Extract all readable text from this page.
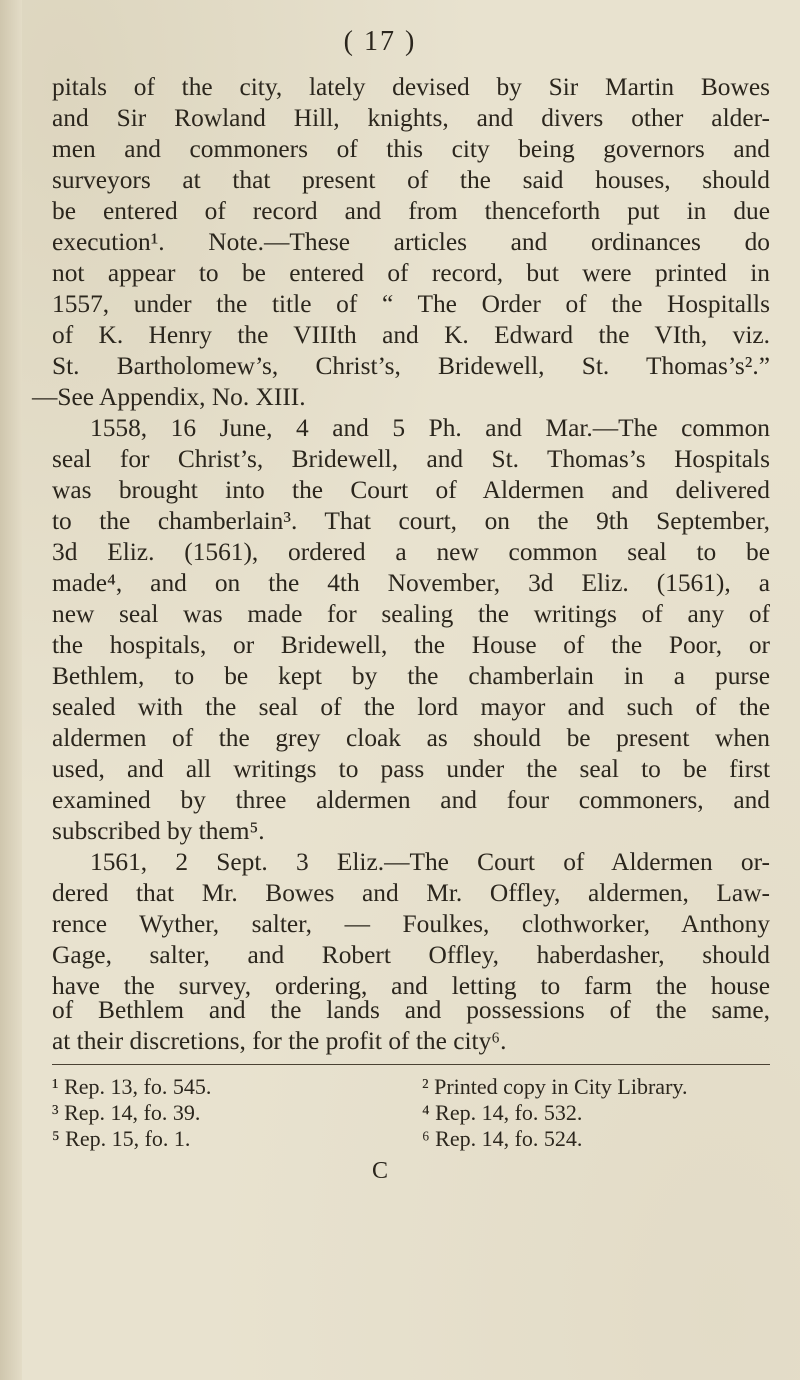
( 17 )
pitals of the city, lately devised by Sir Martin Bowes
and Sir Rowland Hill, knights, and divers other alder-
men and commoners of this city being governors and
surveyors at that present of the said houses, should
be entered of record and from thenceforth put in due
execution¹. Note.—These articles and ordinances do
not appear to be entered of record, but were printed in
1557, under the title of “ The Order of the Hospitalls
of K. Henry the VIIIth and K. Edward the VIth, viz.
St. Bartholomew’s, Christ’s, Bridewell, St. Thomas’s².”
—See Appendix, No. XIII.
1558, 16 June, 4 and 5 Ph. and Mar.—The common
seal for Christ’s, Bridewell, and St. Thomas’s Hospitals
was brought into the Court of Aldermen and delivered
to the chamberlain³. That court, on the 9th September,
3d Eliz. (1561), ordered a new common seal to be
made⁴, and on the 4th November, 3d Eliz. (1561), a
new seal was made for sealing the writings of any of
the hospitals, or Bridewell, the House of the Poor, or
Bethlem, to be kept by the chamberlain in a purse
sealed with the seal of the lord mayor and such of the
aldermen of the grey cloak as should be present when
used, and all writings to pass under the seal to be first
examined by three aldermen and four commoners, and
subscribed by them⁵.
1561, 2 Sept. 3 Eliz.—The Court of Aldermen or-
dered that Mr. Bowes and Mr. Offley, aldermen, Law-
rence Wyther, salter, — Foulkes, clothworker, Anthony
Gage, salter, and Robert Offley, haberdasher, should
have the survey, ordering, and letting to farm the house
of Bethlem and the lands and possessions of the same,
at their discretions, for the profit of the city⁶.
¹ Rep. 13, fo. 545.	² Printed copy in City Library.
³ Rep. 14, fo. 39.	⁴ Rep. 14, fo. 532.
⁵ Rep. 15, fo. 1.	⁶ Rep. 14, fo. 524.
C
